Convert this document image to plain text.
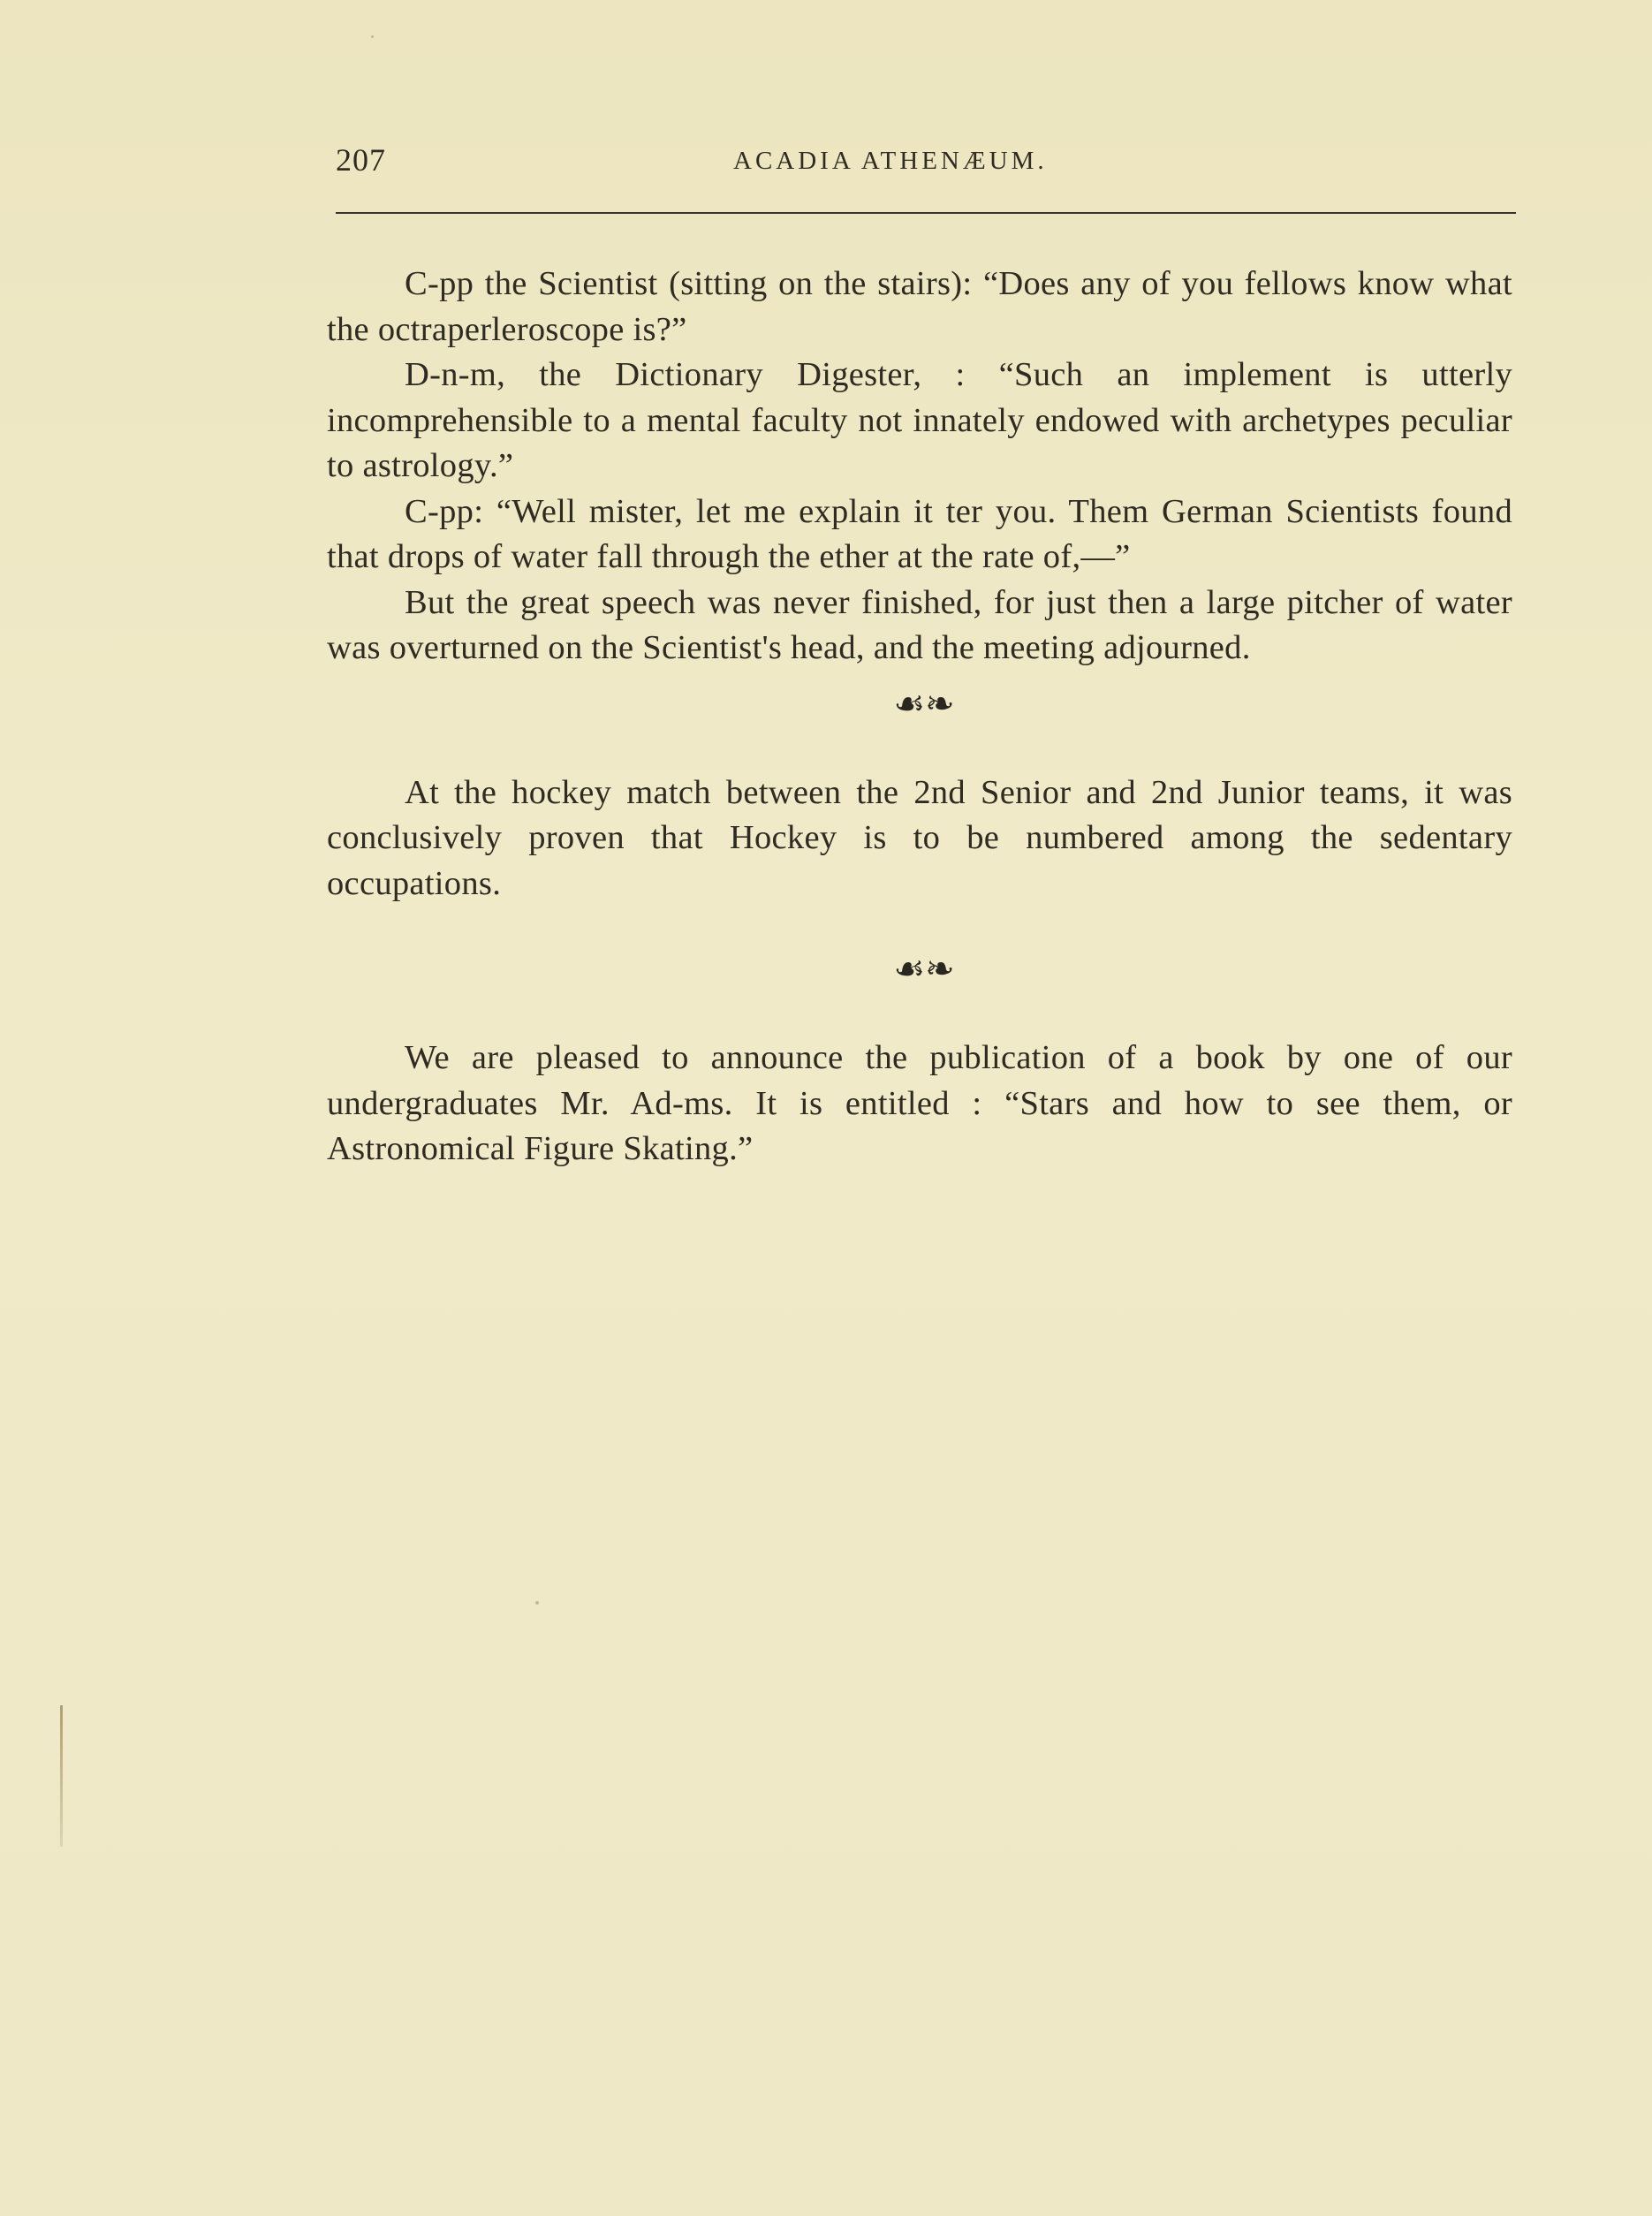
207	ACADIA ATHENÆUM.

C-pp the Scientist (sitting on the stairs): “Does any of you fellows know what the octraperleroscope is?”

D-n-m, the Dictionary Digester, : “Such an implement is utterly incomprehensible to a mental faculty not innately endowed with archetypes peculiar to astrology.”

C-pp: “Well mister, let me explain it ter you. Them German Scientists found that drops of water fall through the ether at the rate of,—”

But the great speech was never finished, for just then a large pitcher of water was overturned on the Scientist's head, and the meeting adjourned.

☙❧

At the hockey match between the 2nd Senior and 2nd Junior teams, it was conclusively proven that Hockey is to be numbered among the sedentary occupations.

☙❧

We are pleased to announce the publication of a book by one of our undergraduates Mr. Ad-ms. It is entitled : “Stars and how to see them, or Astronomical Figure Skating.”
